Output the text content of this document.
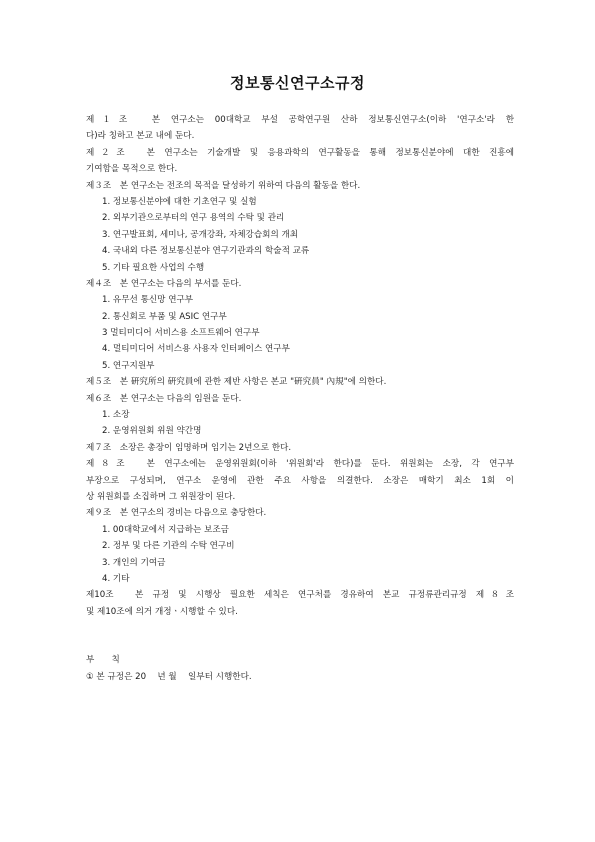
정보통신연구소규정
제１조　본 연구소는 00대학교 부설 공학연구원 산하 정보통신연구소(이하 '연구소'라 한
다)라 칭하고 본교 내에 둔다.
제２조　본 연구소는 기술개발 및 응용과학의 연구활동을 통해 정보통신분야에 대한 진흥에
기여함을 목적으로 한다.
제３조　본 연구소는 전조의 목적을 달성하기 위하여 다음의 활동을 한다.
1. 정보통신분야에 대한 기초연구 및 실험
2. 외부기관으로부터의 연구 용역의 수탁 및 관리
3. 연구발표회, 세미나, 공개강좌, 자체강습회의 개최
4. 국내외 다른 정보통신분야 연구기관과의 학술적 교류
5. 기타 필요한 사업의 수행
제４조　본 연구소는 다음의 부서를 둔다.
1. 유무선 통신망 연구부
2. 통신회로 부품 및 ASIC 연구부
3 멀티미디어 서비스용 소프트웨어 연구부
4. 멀티미디어 서비스용 사용자 인터페이스 연구부
5. 연구지원부
제５조　본 硏究所의 硏究員에 관한 제반 사항은 본교 "硏究員" 內規"에 의한다.
제６조　본 연구소는 다음의 임원을 둔다.
1. 소장
2. 운영위원회 위원 약간명
제７조　소장은 총장이 임명하며 임기는 2년으로 한다.
제８조　본 연구소에는 운영위원회(이하 '위원회'라 한다)를 둔다. 위원회는 소장, 각 연구부
부장으로 구성되며, 연구소 운영에 관한 주요 사항을 의결한다. 소장은 매학기 최소 1회 이
상 위원회를 소집하며 그 위원장이 된다.
제９조　본 연구소의 경비는 다음으로 충당한다.
1. 00대학교에서 지급하는 보조금
2. 정부 및 다른 기관의 수탁 연구비
3. 개인의 기여금
4. 기타
제10조　본 규정 및 시행상 필요한 세칙은 연구처를 경유하여 본교 규정류관리규정 제８조
및 제10조에 의거 개정ㆍ시행할 수 있다.
부　　칙
① 본 규정은 20　 년 월　 일부터 시행한다.
